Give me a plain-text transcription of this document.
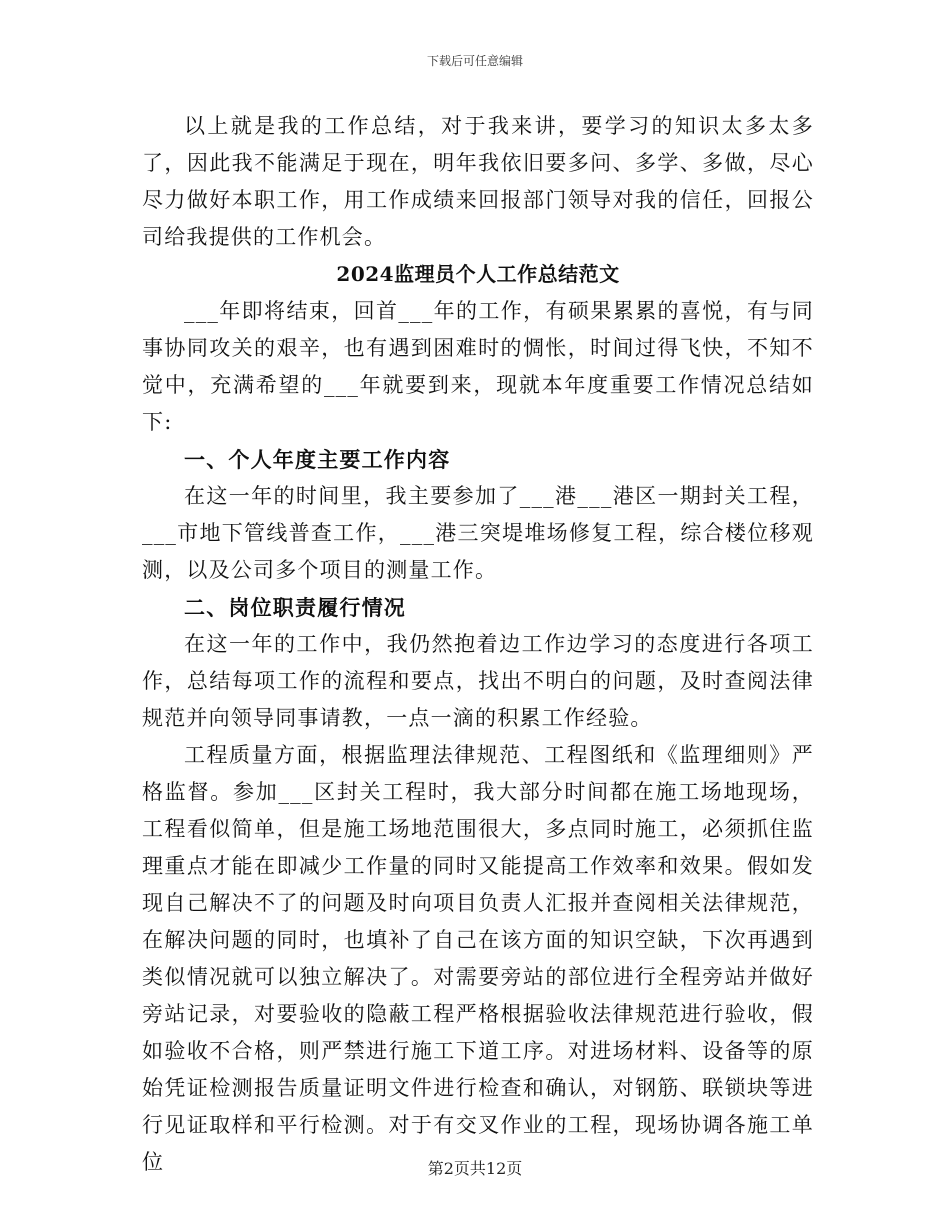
下载后可任意编辑

以上就是我的工作总结，对于我来讲，要学习的知识太多太多了，因此我不能满足于现在，明年我依旧要多问、多学、多做，尽心尽力做好本职工作，用工作成绩来回报部门领导对我的信任，回报公司给我提供的工作机会。

2024监理员个人工作总结范文

___年即将结束，回首___年的工作，有硕果累累的喜悦，有与同事协同攻关的艰辛，也有遇到困难时的惆怅，时间过得飞快，不知不觉中，充满希望的___年就要到来，现就本年度重要工作情况总结如下:

一、个人年度主要工作内容

在这一年的时间里，我主要参加了___港___港区一期封关工程，___市地下管线普查工作，___港三突堤堆场修复工程，综合楼位移观测，以及公司多个项目的测量工作。

二、岗位职责履行情况

在这一年的工作中，我仍然抱着边工作边学习的态度进行各项工作，总结每项工作的流程和要点，找出不明白的问题，及时查阅法律规范并向领导同事请教，一点一滴的积累工作经验。

工程质量方面，根据监理法律规范、工程图纸和《监理细则》严格监督。参加___区封关工程时，我大部分时间都在施工场地现场，工程看似简单，但是施工场地范围很大，多点同时施工，必须抓住监理重点才能在即减少工作量的同时又能提高工作效率和效果。假如发现自己解决不了的问题及时向项目负责人汇报并查阅相关法律规范，在解决问题的同时，也填补了自己在该方面的知识空缺，下次再遇到类似情况就可以独立解决了。对需要旁站的部位进行全程旁站并做好旁站记录，对要验收的隐蔽工程严格根据验收法律规范进行验收，假如验收不合格，则严禁进行施工下道工序。对进场材料、设备等的原始凭证检测报告质量证明文件进行检查和确认，对钢筋、联锁块等进行见证取样和平行检测。对于有交叉作业的工程，现场协调各施工单位	第2页共12页
